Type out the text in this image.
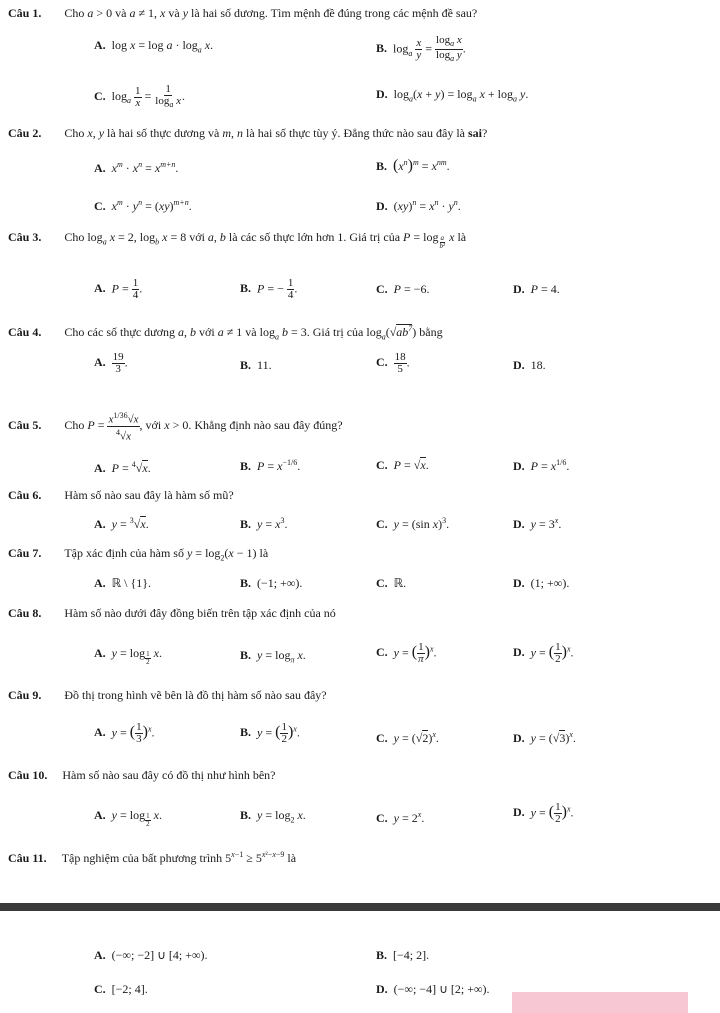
Câu 1. Cho a > 0 và a ≠ 1, x và y là hai số dương. Tìm mệnh đề đúng trong các mệnh đề sau?
A. $\log x = \log a \cdot \log_a x$.	B. $\log_a \frac{x}{y} = \frac{\log_a x}{\log_a y}$ .
C. $\log_a \frac{1}{x} = \frac{1}{\log_a x}$ .	D. $\log_a(x + y) = \log_a x + \log_a y$.
Câu 2. Cho x, y là hai số thực dương và m, n là hai số thực tùy ý. Đẳng thức nào sau đây là sai?
A. $x^m \cdot x^n = x^{m+n}$.	B. $(x^n)^m = x^{nm}$.
C. $x^m \cdot y^n = (xy)^{m+n}$.	D. $(xy)^n = x^n \cdot y^n$.
Câu 3. Cho $\log_a x = 2$, $\log_b x = 8$ với a, b là các số thực lớn hơn 1. Giá trị của P = log $_{\frac{a}{\text{b²}}}$ x là
A. $P = \frac{1}{4}$ .	B. P = − $\frac{1}{4}$ .	C. P = −6.	D. P = 4.
Câu 4. Cho các số thực dương a, b với a ≠ 1 và $\log_a b = 3$. Giá trị của $\log_a(√ab^7)$ bằng
A. $\frac{19}{3}$ .	B. 11.	C. $\frac{18}{5}$ .	D. 18.
Câu 5. Cho $P = \frac{x^{1/36}√x}{^4√x}$ , với x > 0. Khẳng định nào sau đây đúng?
A. P = $^4$√x.	B. $P = x^{-1/6}$.	C. P = √x.	D. $P = x^{1/6}$.
Câu 6. Hàm số nào sau đây là hàm số mũ?
A. y = $^3$√x.	B. $y = x^3$.	C. y = (sin x)$^3$.	D. $y = 3^x$.
Câu 7. Tập xác định của hàm số $y = \log_2(x - 1)$ là
A. ℝ \ {1}.	B. (−1; +∞).	C. ℝ.	D. (1; +∞).
Câu 8. Hàm số nào dưới đây đồng biến trên tập xác định của nó
A. y = log $_{\frac{1}{2}}$ x.	B. $y = \log_\pi x$.	C. y = ( $\frac{1}{\pi} )^x$.	D. y = ( $\frac{1}{2} )^x$.
Câu 9. Đồ thị trong hình vẽ bên là đồ thị hàm số nào sau đây?
A. y = ( $\frac{1}{3} )^x$.	B. y = ( $\frac{1}{2} )^x$.	C. $y = (√2)^x$.	D. $y = (√3)^x$.
Câu 10. Hàm số nào sau đây có đồ thị như hình bên?
A. y = log $_{\frac{1}{2}}$ x.	B. $y = \log_2 x$.	C. $y = 2^x$.	D. y = ( $\frac{1}{2} )^x$.
Câu 11. Tập nghiệm của bất phương trình $5^{x-1} \ge 5^{x^2-x-9}$ là
A. (−∞; −2] ∪ [4; +∞).	B. [−4; 2].
C. [−2; 4].	D. (−∞; −4] ∪ [2; +∞).
